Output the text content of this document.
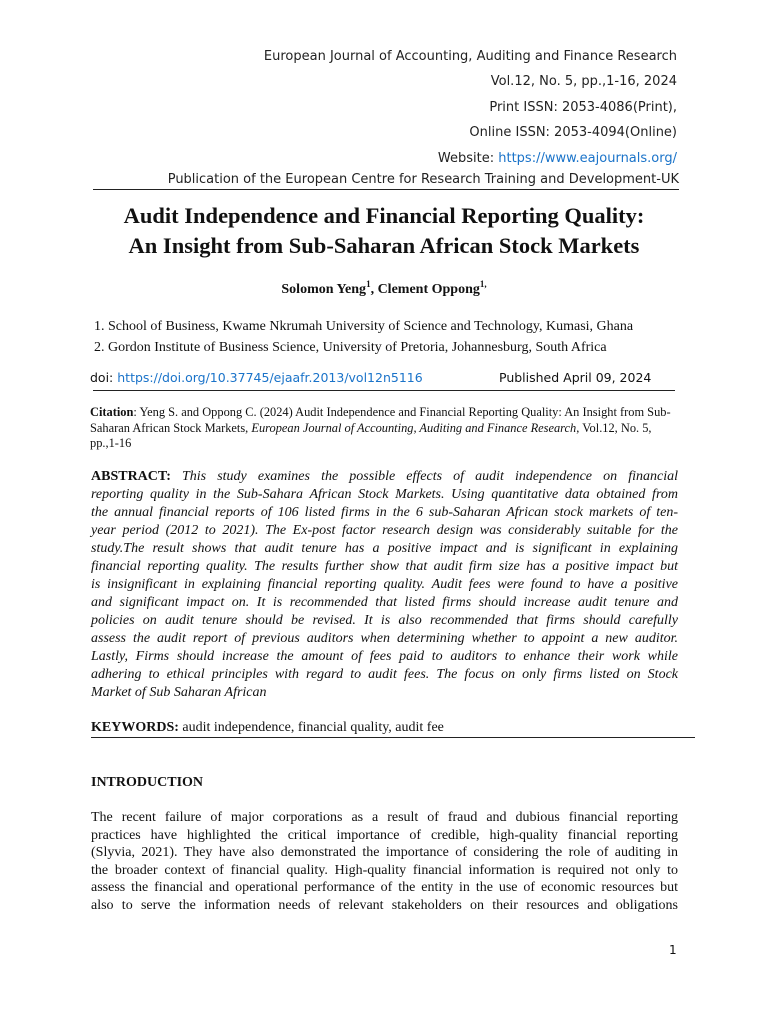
European Journal of Accounting, Auditing and Finance Research
Vol.12, No. 5, pp.,1-16, 2024
Print ISSN: 2053-4086(Print),
Online ISSN: 2053-4094(Online)
Website: https://www.eajournals.org/
Publication of the European Centre for Research Training and Development-UK
Audit Independence and Financial Reporting Quality:
An Insight from Sub-Saharan African Stock Markets
Solomon Yeng$^1$, Clement Oppong$^{1,}$
1. School of Business, Kwame Nkrumah University of Science and Technology, Kumasi, Ghana
2. Gordon Institute of Business Science, University of Pretoria, Johannesburg, South Africa
doi: https://doi.org/10.37745/ejaafr.2013/vol12n5116	Published April 09, 2024
Citation: Yeng S. and Oppong C. (2024) Audit Independence and Financial Reporting Quality: An Insight from Sub-
Saharan African Stock Markets, European Journal of Accounting, Auditing and Finance Research, Vol.12, No. 5,
pp.,1-16
ABSTRACT: This study examines the possible effects of audit independence on financial
reporting quality in the Sub-Sahara African Stock Markets. Using quantitative data obtained from
the annual financial reports of 106 listed firms in the 6 sub-Saharan African stock markets of ten-
year period (2012 to 2021). The Ex-post factor research design was considerably suitable for the
study.The result shows that audit tenure has a positive impact and is significant in explaining
financial reporting quality. The results further show that audit firm size has a positive impact but
is insignificant in explaining financial reporting quality. Audit fees were found to have a positive
and significant impact on. It is recommended that listed firms should increase audit tenure and
policies on audit tenure should be revised. It is also recommended that firms should carefully
assess the audit report of previous auditors when determining whether to appoint a new auditor.
Lastly, Firms should increase the amount of fees paid to auditors to enhance their work while
adhering to ethical principles with regard to audit fees. The focus on only firms listed on Stock
Market of Sub Saharan African
KEYWORDS: audit independence, financial quality, audit fee
INTRODUCTION
The recent failure of major corporations as a result of fraud and dubious financial reporting
practices have highlighted the critical importance of credible, high-quality financial reporting
(Slyvia, 2021). They have also demonstrated the importance of considering the role of auditing in
the broader context of financial quality. High-quality financial information is required not only to
assess the financial and operational performance of the entity in the use of economic resources but
also to serve the information needs of relevant stakeholders on their resources and obligations
1
